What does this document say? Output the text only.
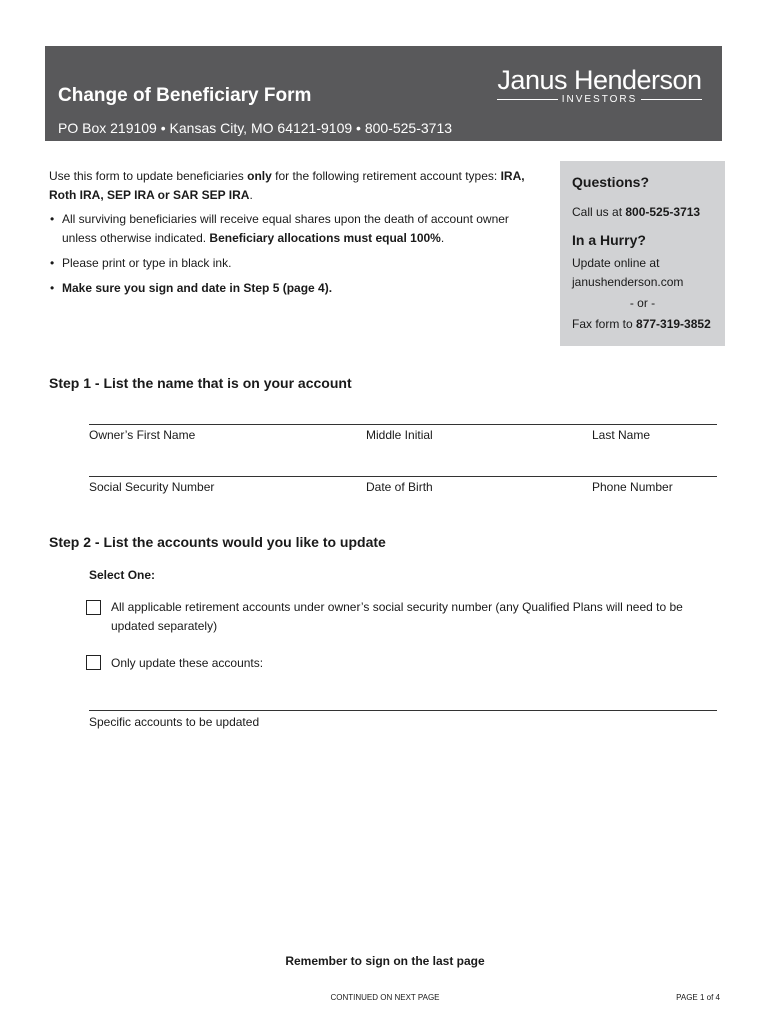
Change of Beneficiary Form
PO Box 219109 • Kansas City, MO 64121-9109 • 800-525-3713
Janus Henderson
INVESTORS

Use this form to update beneficiaries only for the following retirement account types: IRA, Roth IRA, SEP IRA or SAR SEP IRA.

• All surviving beneficiaries will receive equal shares upon the death of account owner unless otherwise indicated. Beneficiary allocations must equal 100%.
• Please print or type in black ink.
• Make sure you sign and date in Step 5 (page 4).
Questions?
Call us at 800-525-3713
In a Hurry?
Update online at
janushenderson.com
- or -
Fax form to 877-319-3852
Step 1 - List the name that is on your account
Owner’s First Name	Middle Initial	Last Name
Social Security Number	Date of Birth	Phone Number
Step 2 - List the accounts would you like to update
Select One:
All applicable retirement accounts under owner’s social security number (any Qualified Plans will need to be updated separately)
Only update these accounts:
Specific accounts to be updated
Remember to sign on the last page
CONTINUED ON NEXT PAGE	PAGE 1 of 4
